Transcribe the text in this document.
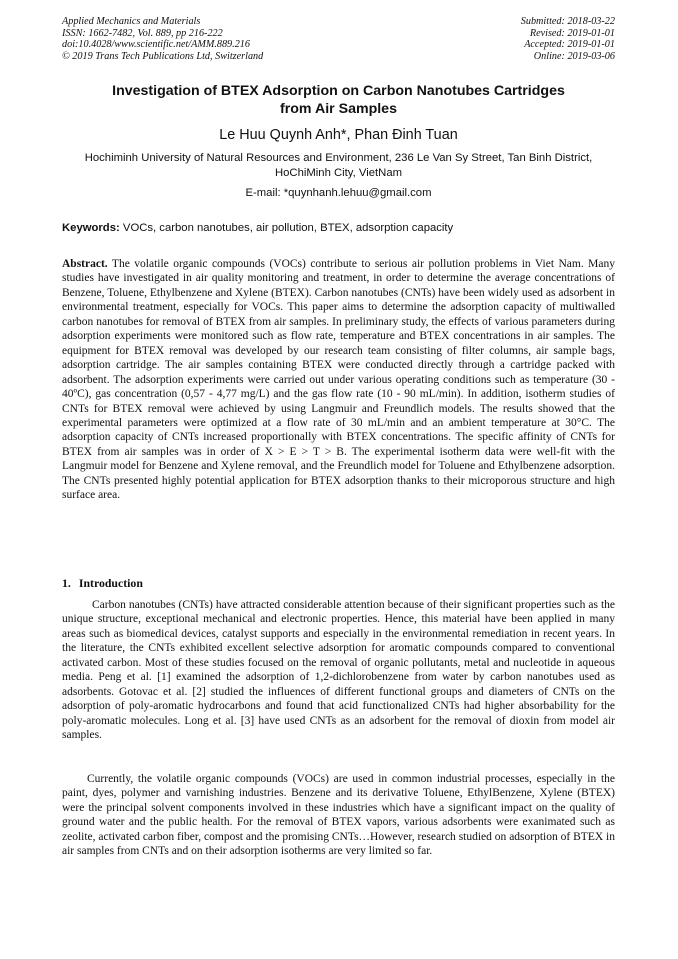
Applied Mechanics and Materials
ISSN: 1662-7482, Vol. 889, pp 216-222
doi:10.4028/www.scientific.net/AMM.889.216
© 2019 Trans Tech Publications Ltd, Switzerland
Submitted: 2018-03-22
Revised: 2019-01-01
Accepted: 2019-01-01
Online: 2019-03-06
Investigation of BTEX Adsorption on Carbon Nanotubes Cartridges
from Air Samples
Le Huu Quynh Anh*, Phan Đinh Tuan
Hochiminh University of Natural Resources and Environment, 236 Le Van Sy Street, Tan Binh District, HoChiMinh City, VietNam
E-mail: *quynhanh.lehuu@gmail.com
Keywords: VOCs, carbon nanotubes, air pollution, BTEX, adsorption capacity

Abstract. The volatile organic compounds (VOCs) contribute to serious air pollution problems in Viet Nam. Many studies have investigated in air quality monitoring and treatment, in order to determine the average concentrations of Benzene, Toluene, Ethylbenzene and Xylene (BTEX). Carbon nanotubes (CNTs) have been widely used as adsorbent in environmental treatment, especially for VOCs. This paper aims to determine the adsorption capacity of multiwalled carbon nanotubes for removal of BTEX from air samples. In preliminary study, the effects of various parameters during adsorption experiments were monitored such as flow rate, temperature and BTEX concentrations in air samples. The equipment for BTEX removal was developed by our research team consisting of filter columns, air sample bags, adsorption cartridge. The air samples containing BTEX were conducted directly through a cartridge packed with adsorbent. The adsorption experiments were carried out under various operating conditions such as temperature (30 - 40ºC), gas concentration (0,57 - 4,77 mg/L) and the gas flow rate (10 - 90 mL/min). In addition, isotherm studies of CNTs for BTEX removal were achieved by using Langmuir and Freundlich models. The results showed that the experimental parameters were optimized at a flow rate of 30 mL/min and an ambient temperature at 30°C. The adsorption capacity of CNTs increased proportionally with BTEX concentrations. The specific affinity of CNTs for BTEX from air samples was in order of X > E > T > B. The experimental isotherm data were well-fit with the Langmuir model for Benzene and Xylene removal, and the Freundlich model for Toluene and Ethylbenzene adsorption. The CNTs presented highly potential application for BTEX adsorption thanks to their microporous structure and high surface area.

1. Introduction

Carbon nanotubes (CNTs) have attracted considerable attention because of their significant properties such as the unique structure, exceptional mechanical and electronic properties. Hence, this material have been applied in many areas such as biomedical devices, catalyst supports and especially in the environmental remediation in recent years. In the literature, the CNTs exhibited excellent selective adsorption for aromatic compounds compared to conventional activated carbon. Most of these studies focused on the removal of organic pollutants, metal and nucleotide in aqueous media. Peng et al. [1] examined the adsorption of 1,2-dichlorobenzene from water by carbon nanotubes used as adsorbents. Gotovac et al. [2] studied the influences of different functional groups and diameters of CNTs on the adsorption of poly-aromatic hydrocarbons and found that acid functionalized CNTs had higher absorbability for the poly-aromatic molecules. Long et al. [3] have used CNTs as an adsorbent for the removal of dioxin from model air samples.

Currently, the volatile organic compounds (VOCs) are used in common industrial processes, especially in the paint, dyes, polymer and varnishing industries. Benzene and its derivative Toluene, EthylBenzene, Xylene (BTEX) were the principal solvent components involved in these industries which have a significant impact on the quality of ground water and the public health. For the removal of BTEX vapors, various adsorbents were exanimated such as zeolite, activated carbon fiber, compost and the promising CNTs…However, research studied on adsorption of BTEX in air samples from CNTs and on their adsorption isotherms are very limited so far.
